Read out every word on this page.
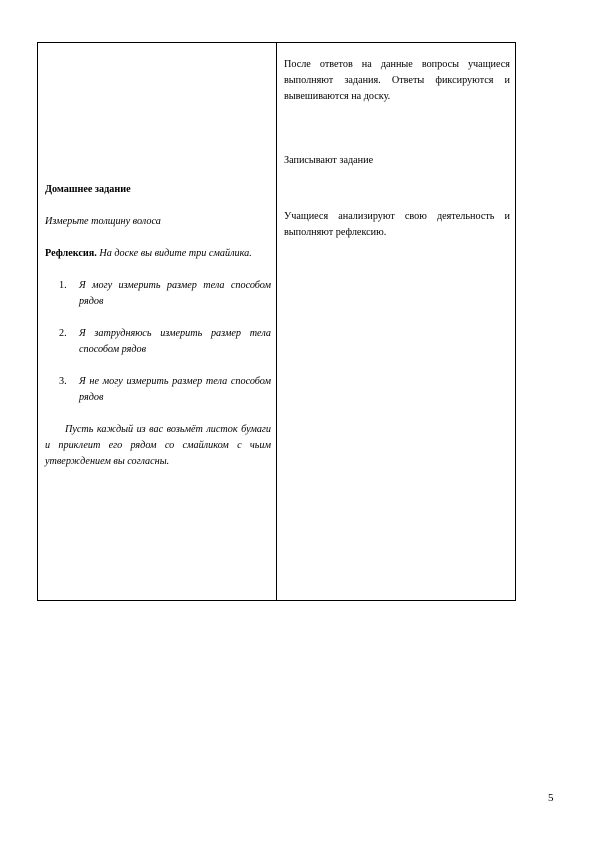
Домашнее задание

Измерьте толщину волоса

Рефлексия. На доске вы видите три смайлика.

1. Я могу измерить размер тела способом рядов
2. Я затрудняюсь измерить размер тела способом рядов
3. Я не могу измерить размер тела способом рядов

Пусть каждый из вас возьмёт листок бумаги и приклеит его рядом со смайликом с чьим утверждением вы согласны.

После ответов на данные вопросы учащиеся выполняют задания. Ответы фиксируются и вывешиваются на доску.

Записывают задание

Учащиеся анализируют свою деятельность и выполняют рефлексию.

5
